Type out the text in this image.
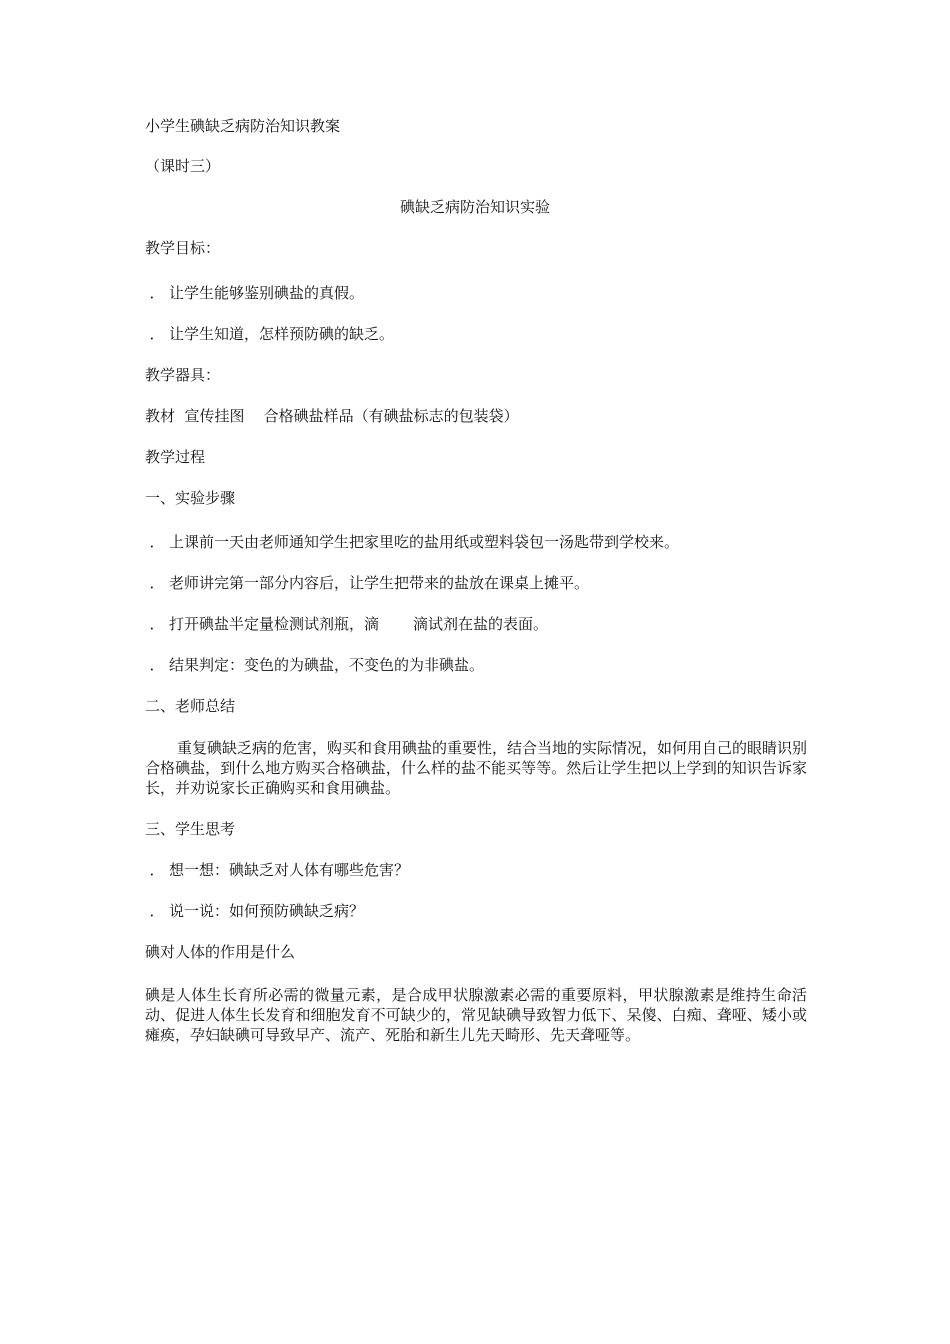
小学生碘缺乏病防治知识教案
（课时三）
碘缺乏病防治知识实验
教学目标：
． 让学生能够鉴别碘盐的真假。
． 让学生知道，怎样预防碘的缺乏。
教学器具：
教材  宣传挂图    合格碘盐样品（有碘盐标志的包装袋）
教学过程
一、实验步骤
． 上课前一天由老师通知学生把家里吃的盐用纸或塑料袋包一汤匙带到学校来。
． 老师讲完第一部分内容后，让学生把带来的盐放在课桌上摊平。
． 打开碘盐半定量检测试剂瓶，滴 滴试剂在盐的表面。
． 结果判定：变色的为碘盐，不变色的为非碘盐。
二、老师总结
重复碘缺乏病的危害，购买和食用碘盐的重要性，结合当地的实际情况，如何用自己的眼睛识别合格碘盐，到什么地方购买合格碘盐，什么样的盐不能买等等。然后让学生把以上学到的知识告诉家长，并劝说家长正确购买和食用碘盐。
三、学生思考
． 想一想：碘缺乏对人体有哪些危害？
． 说一说：如何预防碘缺乏病？
碘对人体的作用是什么
碘是人体生长育所必需的微量元素，是合成甲状腺激素必需的重要原料，甲状腺激素是维持生命活动、促进人体生长发育和细胞发育不可缺少的，常见缺碘导致智力低下、呆傻、白痴、聋哑、矮小或瘫痪，孕妇缺碘可导致早产、流产、死胎和新生儿先天畸形、先天聋哑等。
